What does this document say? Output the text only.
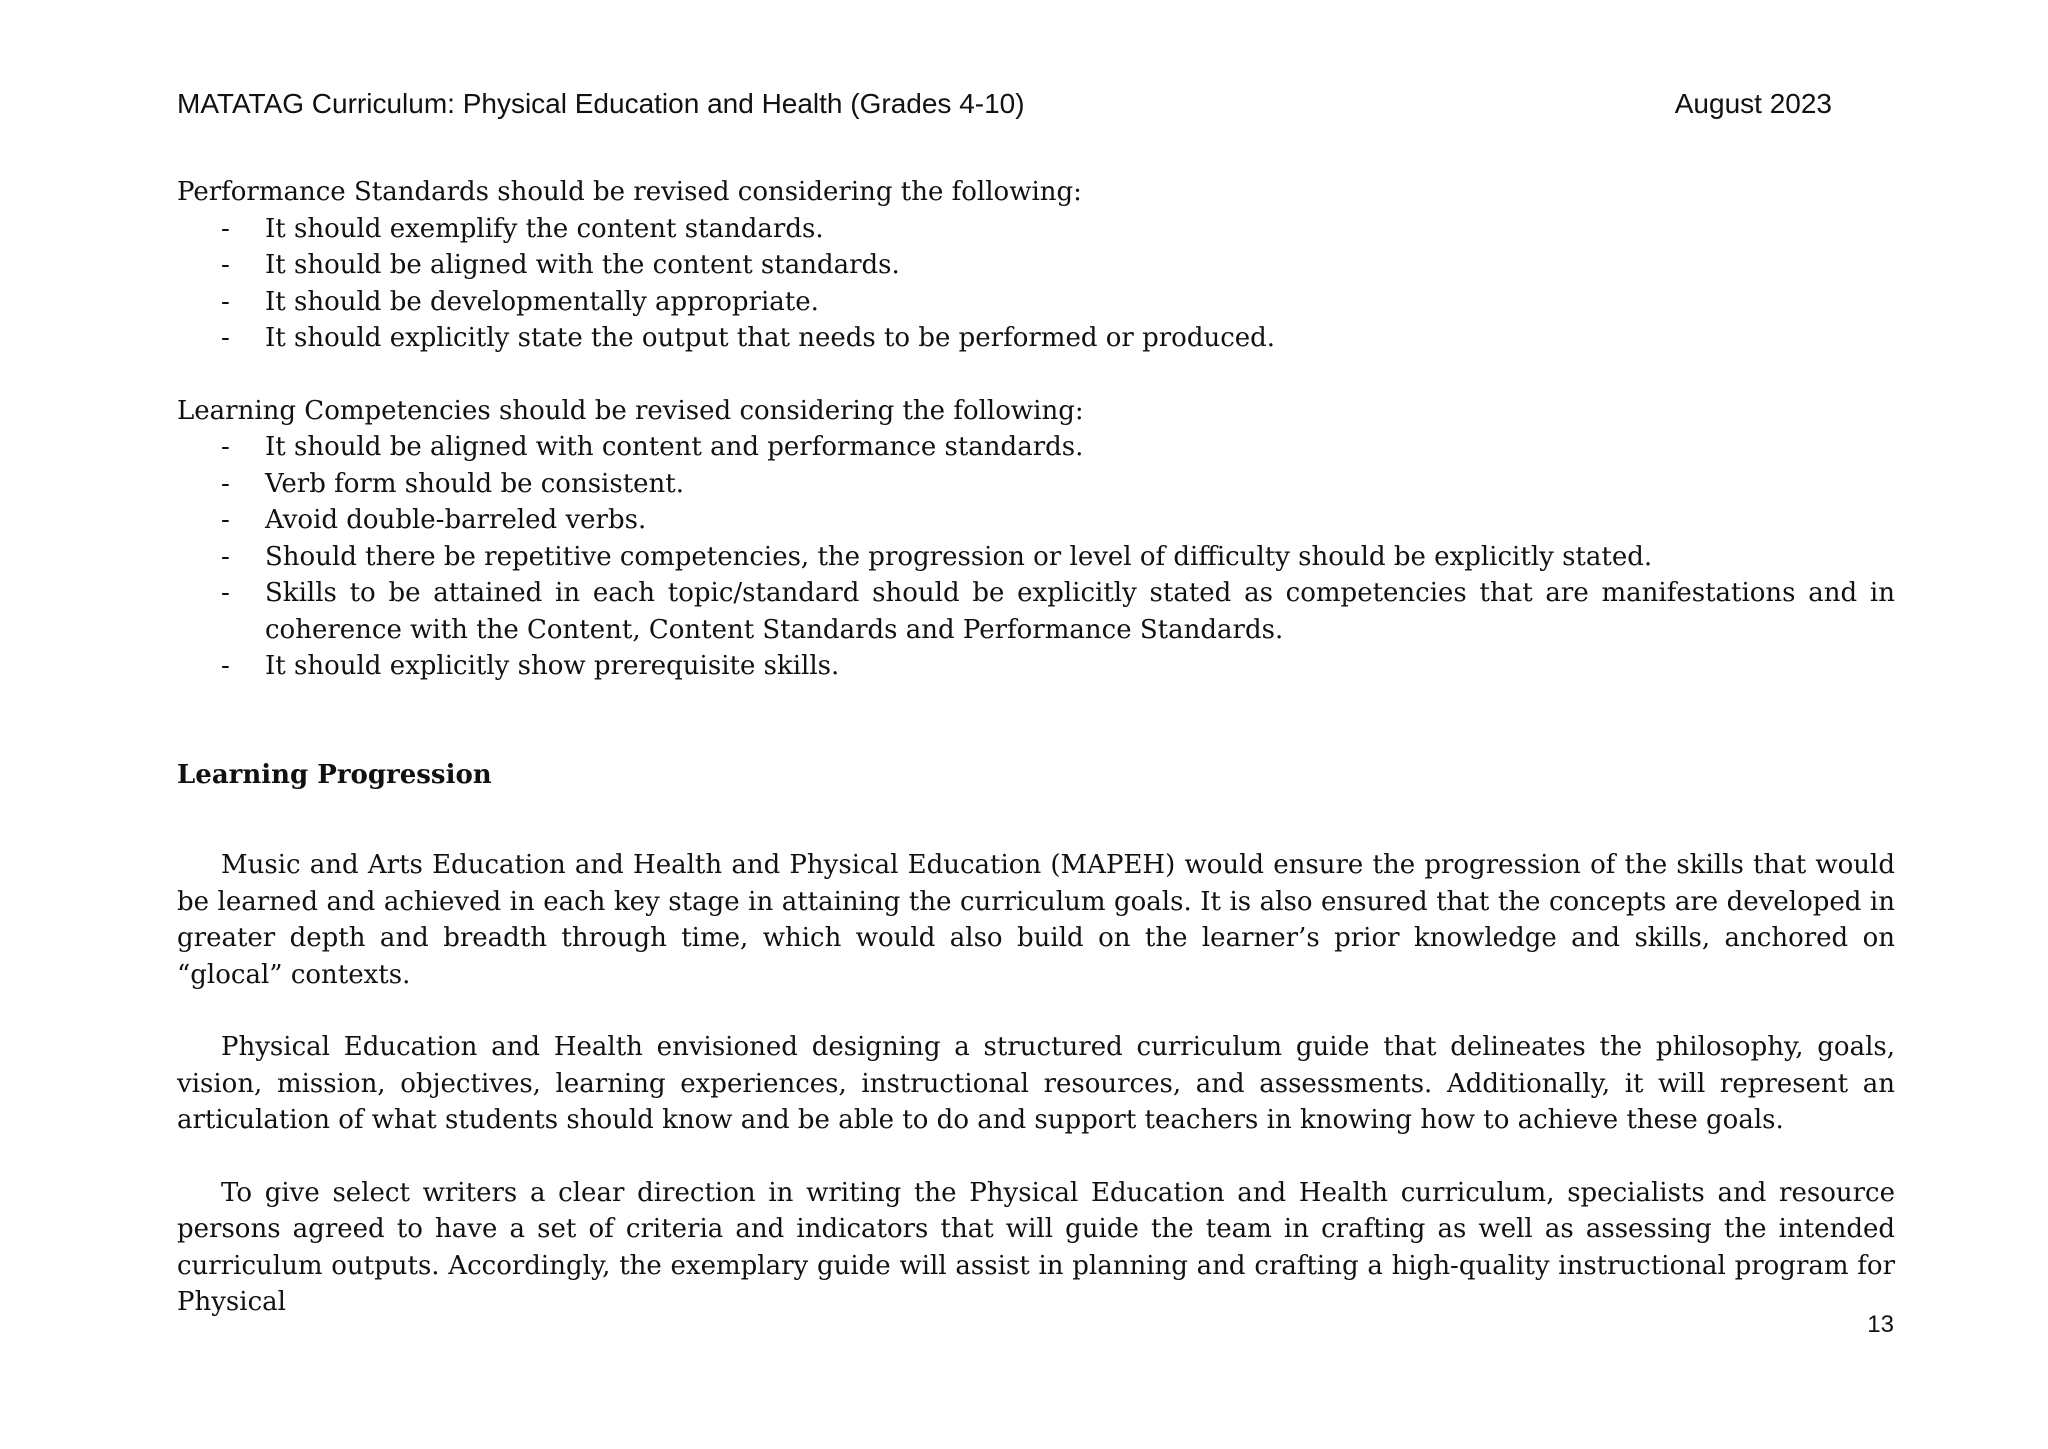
MATATAG Curriculum: Physical Education and Health (Grades 4-10)	August 2023

Performance Standards should be revised considering the following:

- It should exemplify the content standards.
- It should be aligned with the content standards.
- It should be developmentally appropriate.
- It should explicitly state the output that needs to be performed or produced.

Learning Competencies should be revised considering the following:

- It should be aligned with content and performance standards.
- Verb form should be consistent.
- Avoid double-barreled verbs.
- Should there be repetitive competencies, the progression or level of difficulty should be explicitly stated.
- Skills to be attained in each topic/standard should be explicitly stated as competencies that are manifestations and in coherence with the Content, Content Standards and Performance Standards.
- It should explicitly show prerequisite skills.
Learning Progression

Music and Arts Education and Health and Physical Education (MAPEH) would ensure the progression of the skills that would be learned and achieved in each key stage in attaining the curriculum goals. It is also ensured that the concepts are developed in greater depth and breadth through time, which would also build on the learner’s prior knowledge and skills, anchored on “glocal” contexts.

Physical Education and Health envisioned designing a structured curriculum guide that delineates the philosophy, goals, vision, mission, objectives, learning experiences, instructional resources, and assessments. Additionally, it will represent an articulation of what students should know and be able to do and support teachers in knowing how to achieve these goals.

To give select writers a clear direction in writing the Physical Education and Health curriculum, specialists and resource persons agreed to have a set of criteria and indicators that will guide the team in crafting as well as assessing the intended curriculum outputs. Accordingly, the exemplary guide will assist in planning and crafting a high-quality instructional program for Physical

13
